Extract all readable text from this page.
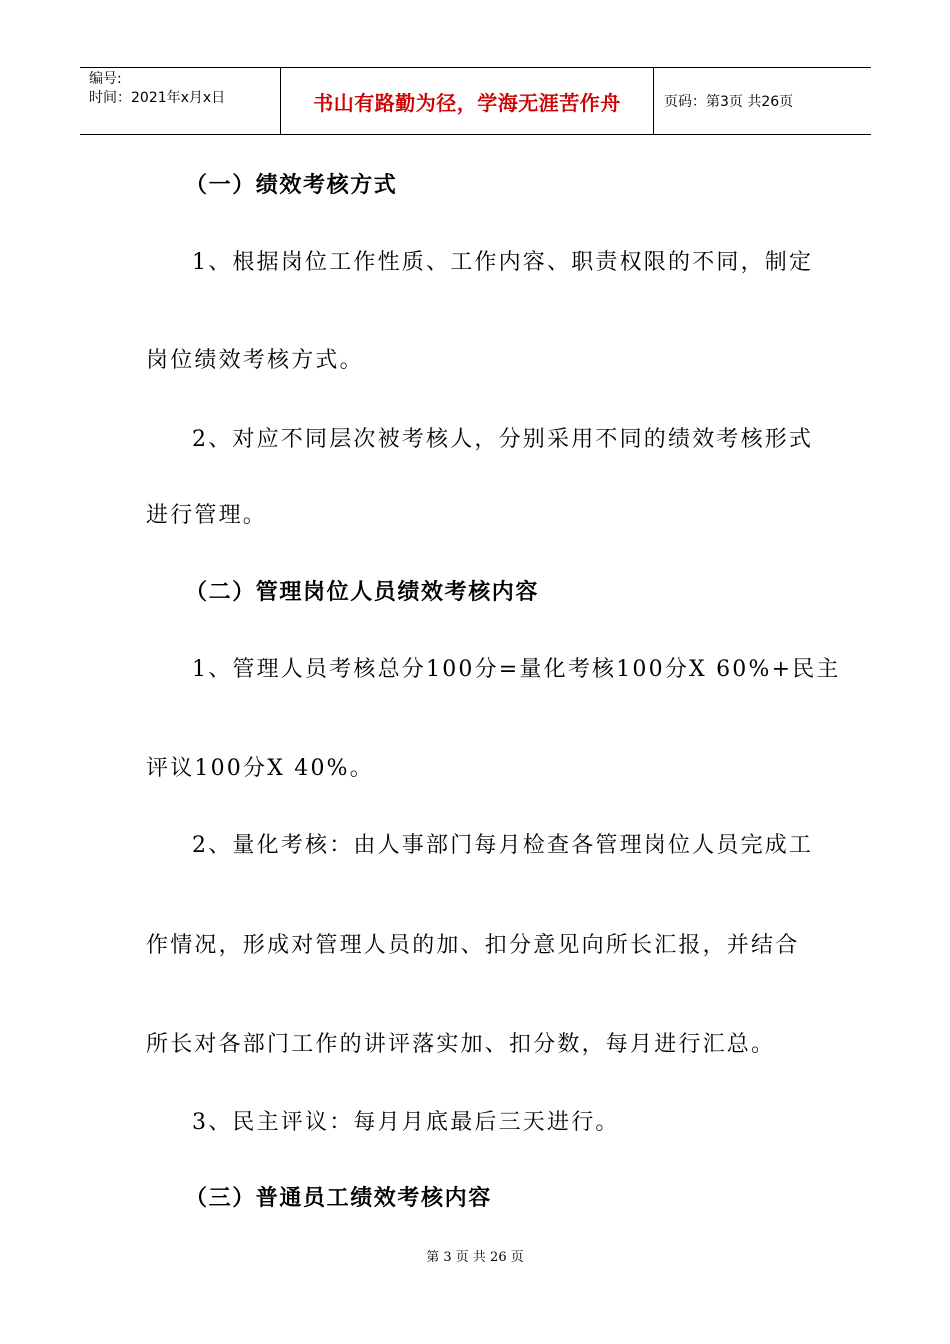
编号:
时间：2021年x月x日	书山有路勤为径，学海无涯苦作舟	页码：第3页 共26页
（一）绩效考核方式
1、根据岗位工作性质、工作内容、职责权限的不同，制定
岗位绩效考核方式。
2、对应不同层次被考核人，分别采用不同的绩效考核形式
进行管理。
（二）管理岗位人员绩效考核内容
1、管理人员考核总分100分=量化考核100分X 60%+民主
评议100分X 40%。
2、量化考核：由人事部门每月检查各管理岗位人员完成工
作情况，形成对管理人员的加、扣分意见向所长汇报，并结合
所长对各部门工作的讲评落实加、扣分数，每月进行汇总。
3、民主评议：每月月底最后三天进行。
（三）普通员工绩效考核内容
第 3 页 共 26 页
